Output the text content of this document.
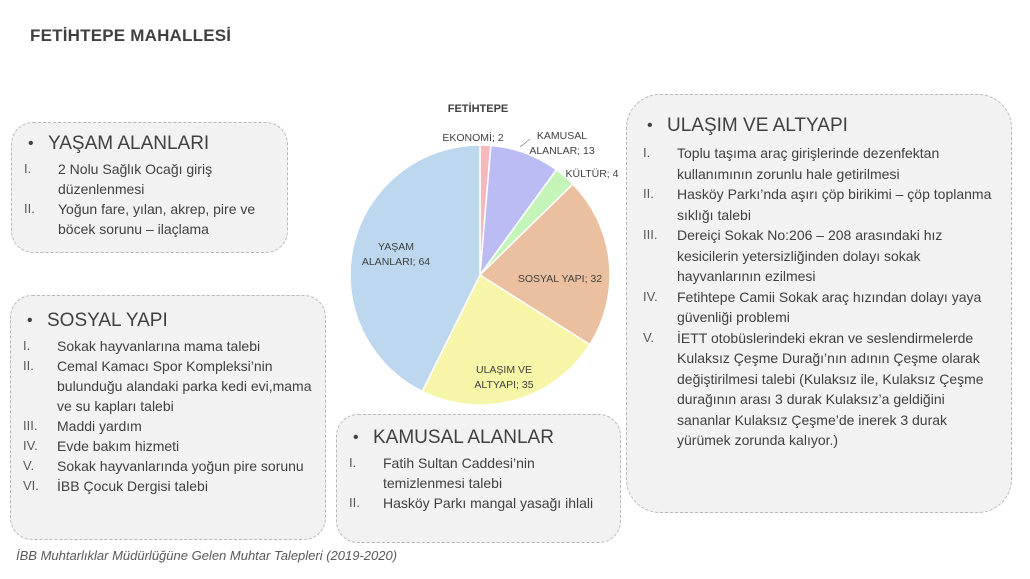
FETİHTEPE MAHALLESİ
• YAŞAM ALANLARI
I.	2 Nolu Sağlık Ocağı giriş düzenlenmesi
II.	Yoğun fare, yılan, akrep, pire ve böcek sorunu – ilaçlama
• SOSYAL YAPI
I.	Sokak hayvanlarına mama talebi
II.	Cemal Kamacı Spor Kompleksi’nin bulunduğu alandaki parka kedi evi,mama ve su kapları talebi
III.	Maddi yardım
IV.	Evde bakım hizmeti
V.	Sokak hayvanlarında yoğun pire sorunu
VI.	İBB Çocuk Dergisi talebi
• KAMUSAL ALANLAR
I.	Fatih Sultan Caddesi’nin temizlenmesi talebi
II.	Hasköy Parkı mangal yasağı ihlali
• ULAŞIM VE ALTYAPI
I.	Toplu taşıma araç girişlerinde dezenfektan kullanımının zorunlu hale getirilmesi
II.	Hasköy Parkı’nda aşırı çöp birikimi – çöp toplanma sıklığı talebi
III.	Dereiçi Sokak No:206 – 208 arasındaki hız kesicilerin yetersizliğinden dolayı sokak hayvanlarının ezilmesi
IV.	Fetihtepe Camii Sokak araç hızından dolayı yaya güvenliği problemi
V.	İETT otobüslerindeki ekran ve seslendirmelerde Kulaksız Çeşme Durağı’nın adının Çeşme olarak değiştirilmesi talebi (Kulaksız ile, Kulaksız Çeşme durağının arası 3 durak Kulaksız’a geldiğini sananlar Kulaksız Çeşme’de inerek 3 durak yürümek zorunda kalıyor.)
FETİHTEPE
EKONOMİ; 2	KAMUSAL ALANLAR; 13
KÜLTÜR; 4
SOSYAL YAPI; 32
ULAŞIM VE ALTYAPI; 35
YAŞAM ALANLARI; 64
İBB Muhtarlıklar Müdürlüğüne Gelen Muhtar Talepleri (2019-2020)
